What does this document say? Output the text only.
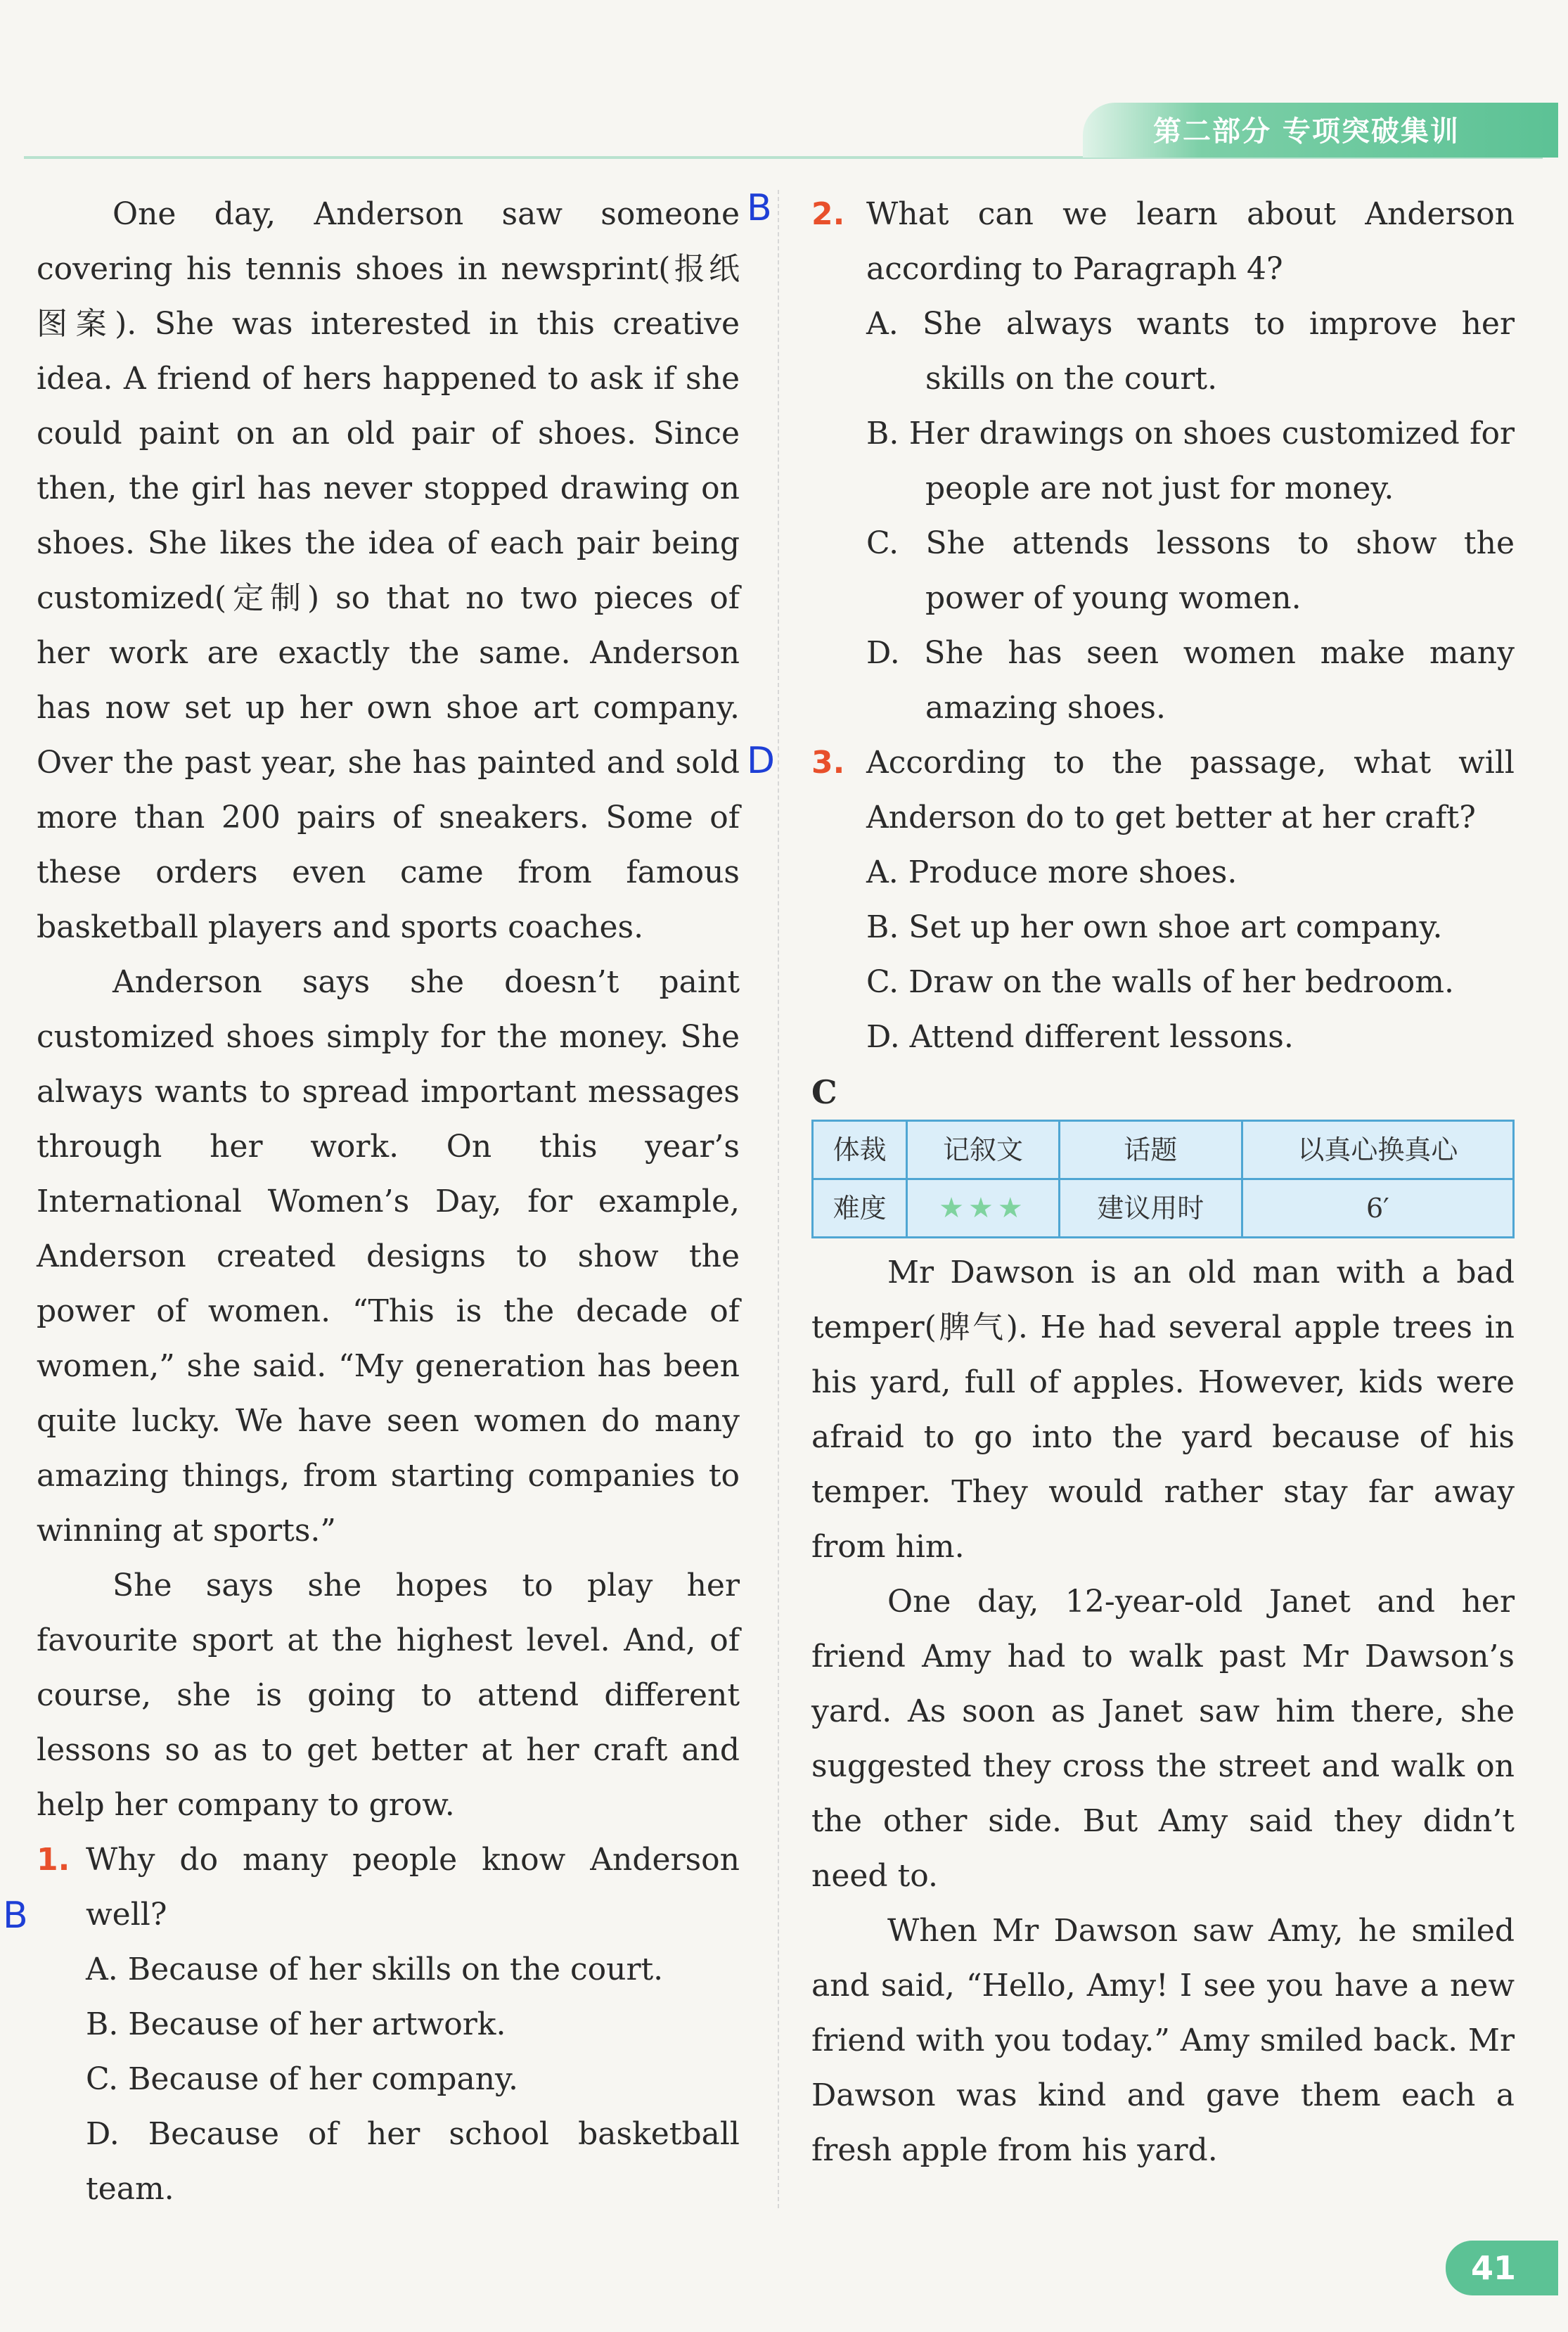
第二部分 专项突破集训
B
D
B

One day, Anderson saw someone covering his tennis shoes in newsprint(报纸图案). She was interested in this creative idea. A friend of hers happened to ask if she could paint on an old pair of shoes. Since then, the girl has never stopped drawing on shoes. She likes the idea of each pair being customized(定制) so that no two pieces of her work are exactly the same. Anderson has now set up her own shoe art company. Over the past year, she has painted and sold more than 200 pairs of sneakers. Some of these orders even came from famous basketball players and sports coaches.

Anderson says she doesn’t paint customized shoes simply for the money. She always wants to spread important messages through her work. On this year’s International Women’s Day, for example, Anderson created designs to show the power of women. “This is the decade of women,” she said. “My generation has been quite lucky. We have seen women do many amazing things, from starting companies to winning at sports.”

She says she hopes to play her favourite sport at the highest level. And, of course, she is going to attend different lessons so as to get better at her craft and help her company to grow.

1. Why do many people know Anderson well?

A. Because of her skills on the court.

B. Because of her artwork.

C. Because of her company.

D. Because of her school basketball team.

2. What can we learn about Anderson according to Paragraph 4?

A. She always wants to improve her skills on the court.

B. Her drawings on shoes customized for people are not just for money.

C. She attends lessons to show the power of young women.

D. She has seen women make many amazing shoes.

3. According to the passage, what will Anderson do to get better at her craft?

A. Produce more shoes.

B. Set up her own shoe art company.

C. Draw on the walls of her bedroom.

D. Attend different lessons.

C

体裁	记叙文	话题	以真心换真心
难度	★★★	建议用时	6′

Mr Dawson is an old man with a bad temper(脾气). He had several apple trees in his yard, full of apples. However, kids were afraid to go into the yard because of his temper. They would rather stay far away from him.

One day, 12-year-old Janet and her friend Amy had to walk past Mr Dawson’s yard. As soon as Janet saw him there, she suggested they cross the street and walk on the other side. But Amy said they didn’t need to.

When Mr Dawson saw Amy, he smiled and said, “Hello, Amy! I see you have a new friend with you today.” Amy smiled back. Mr Dawson was kind and gave them each a fresh apple from his yard.

41
